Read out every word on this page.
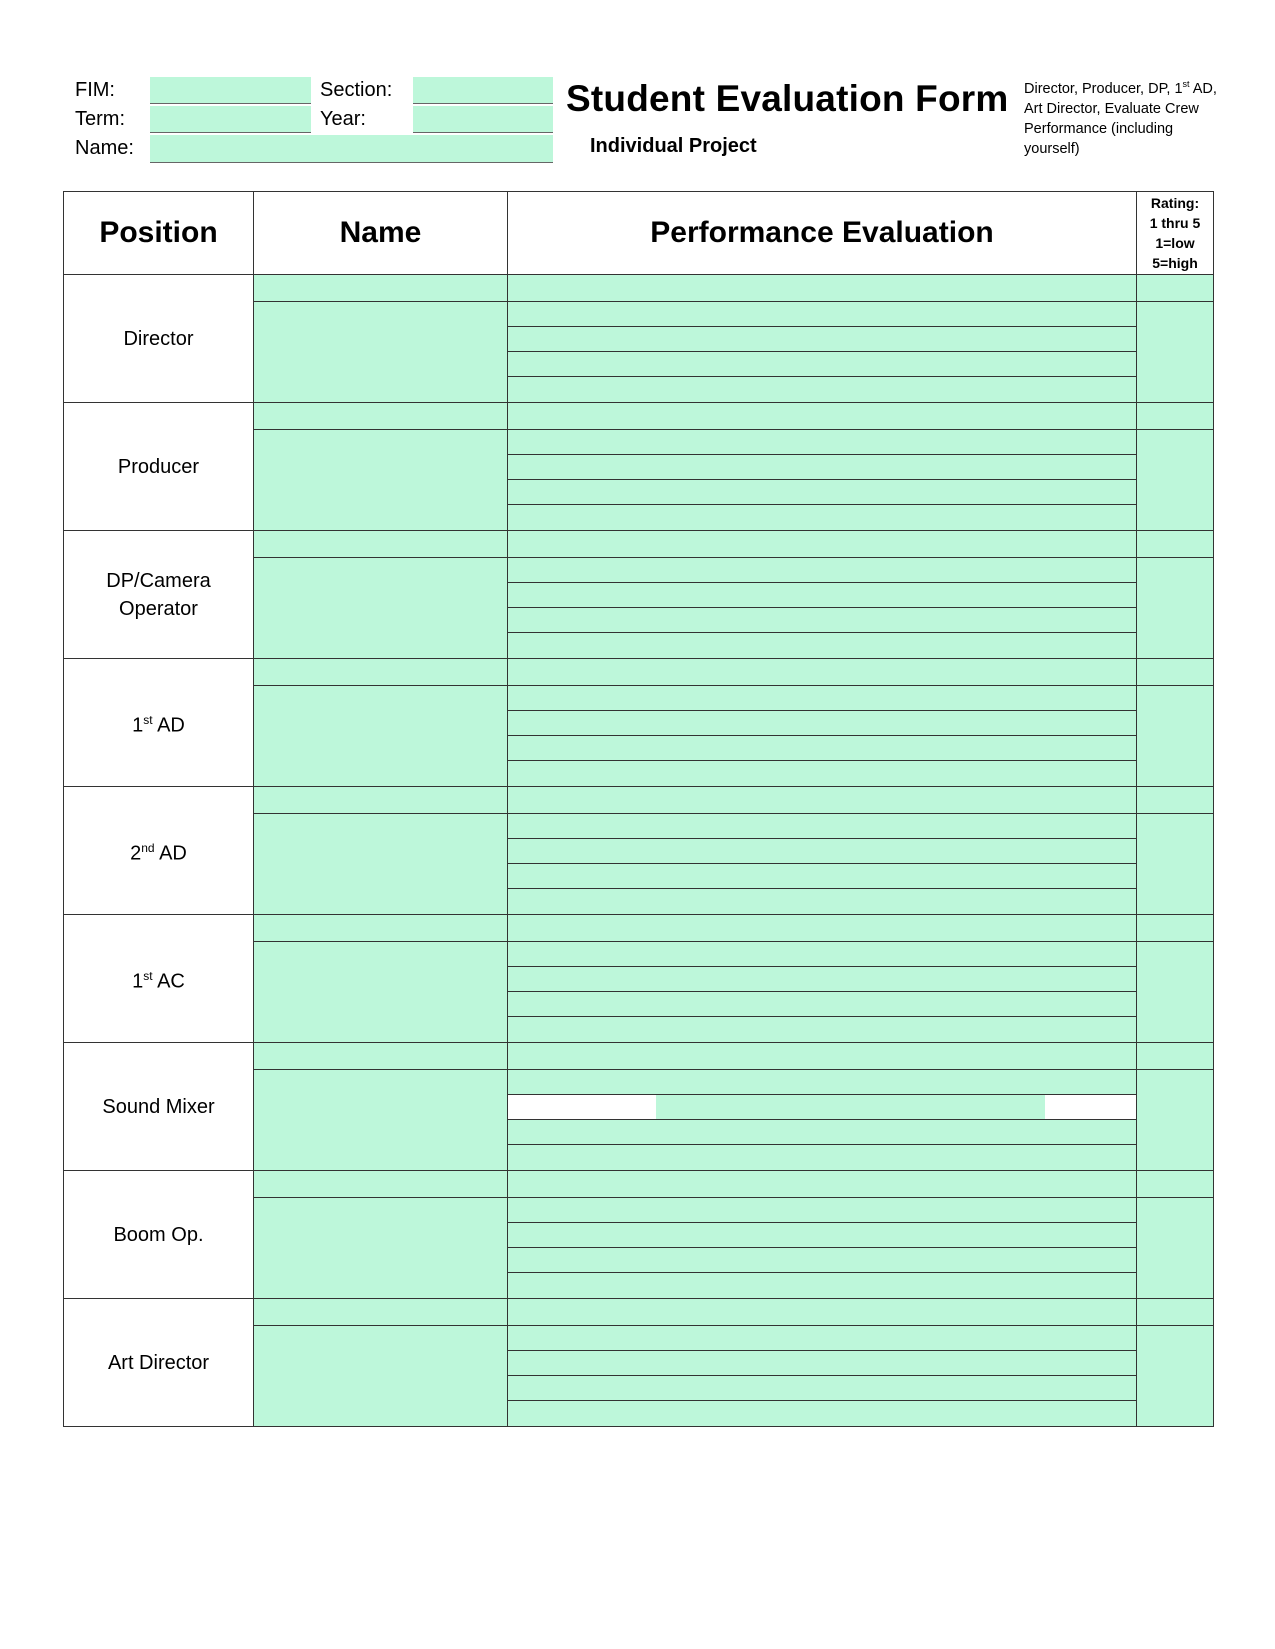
FIM:
Term:
Name:
Section:
Year:	Student Evaluation Form
Individual Project
Director, Producer, DP, 1st AD, Art Director, Evaluate Crew Performance (including yourself)
Position	Name	Performance Evaluation	Rating:
1 thru 5
1=low
5=high

Director			

Producer			

DP/Camera
Operator			

1st AD			

2nd AD			

1st AC			

Sound Mixer			

Boom Op.			

Art Director			
